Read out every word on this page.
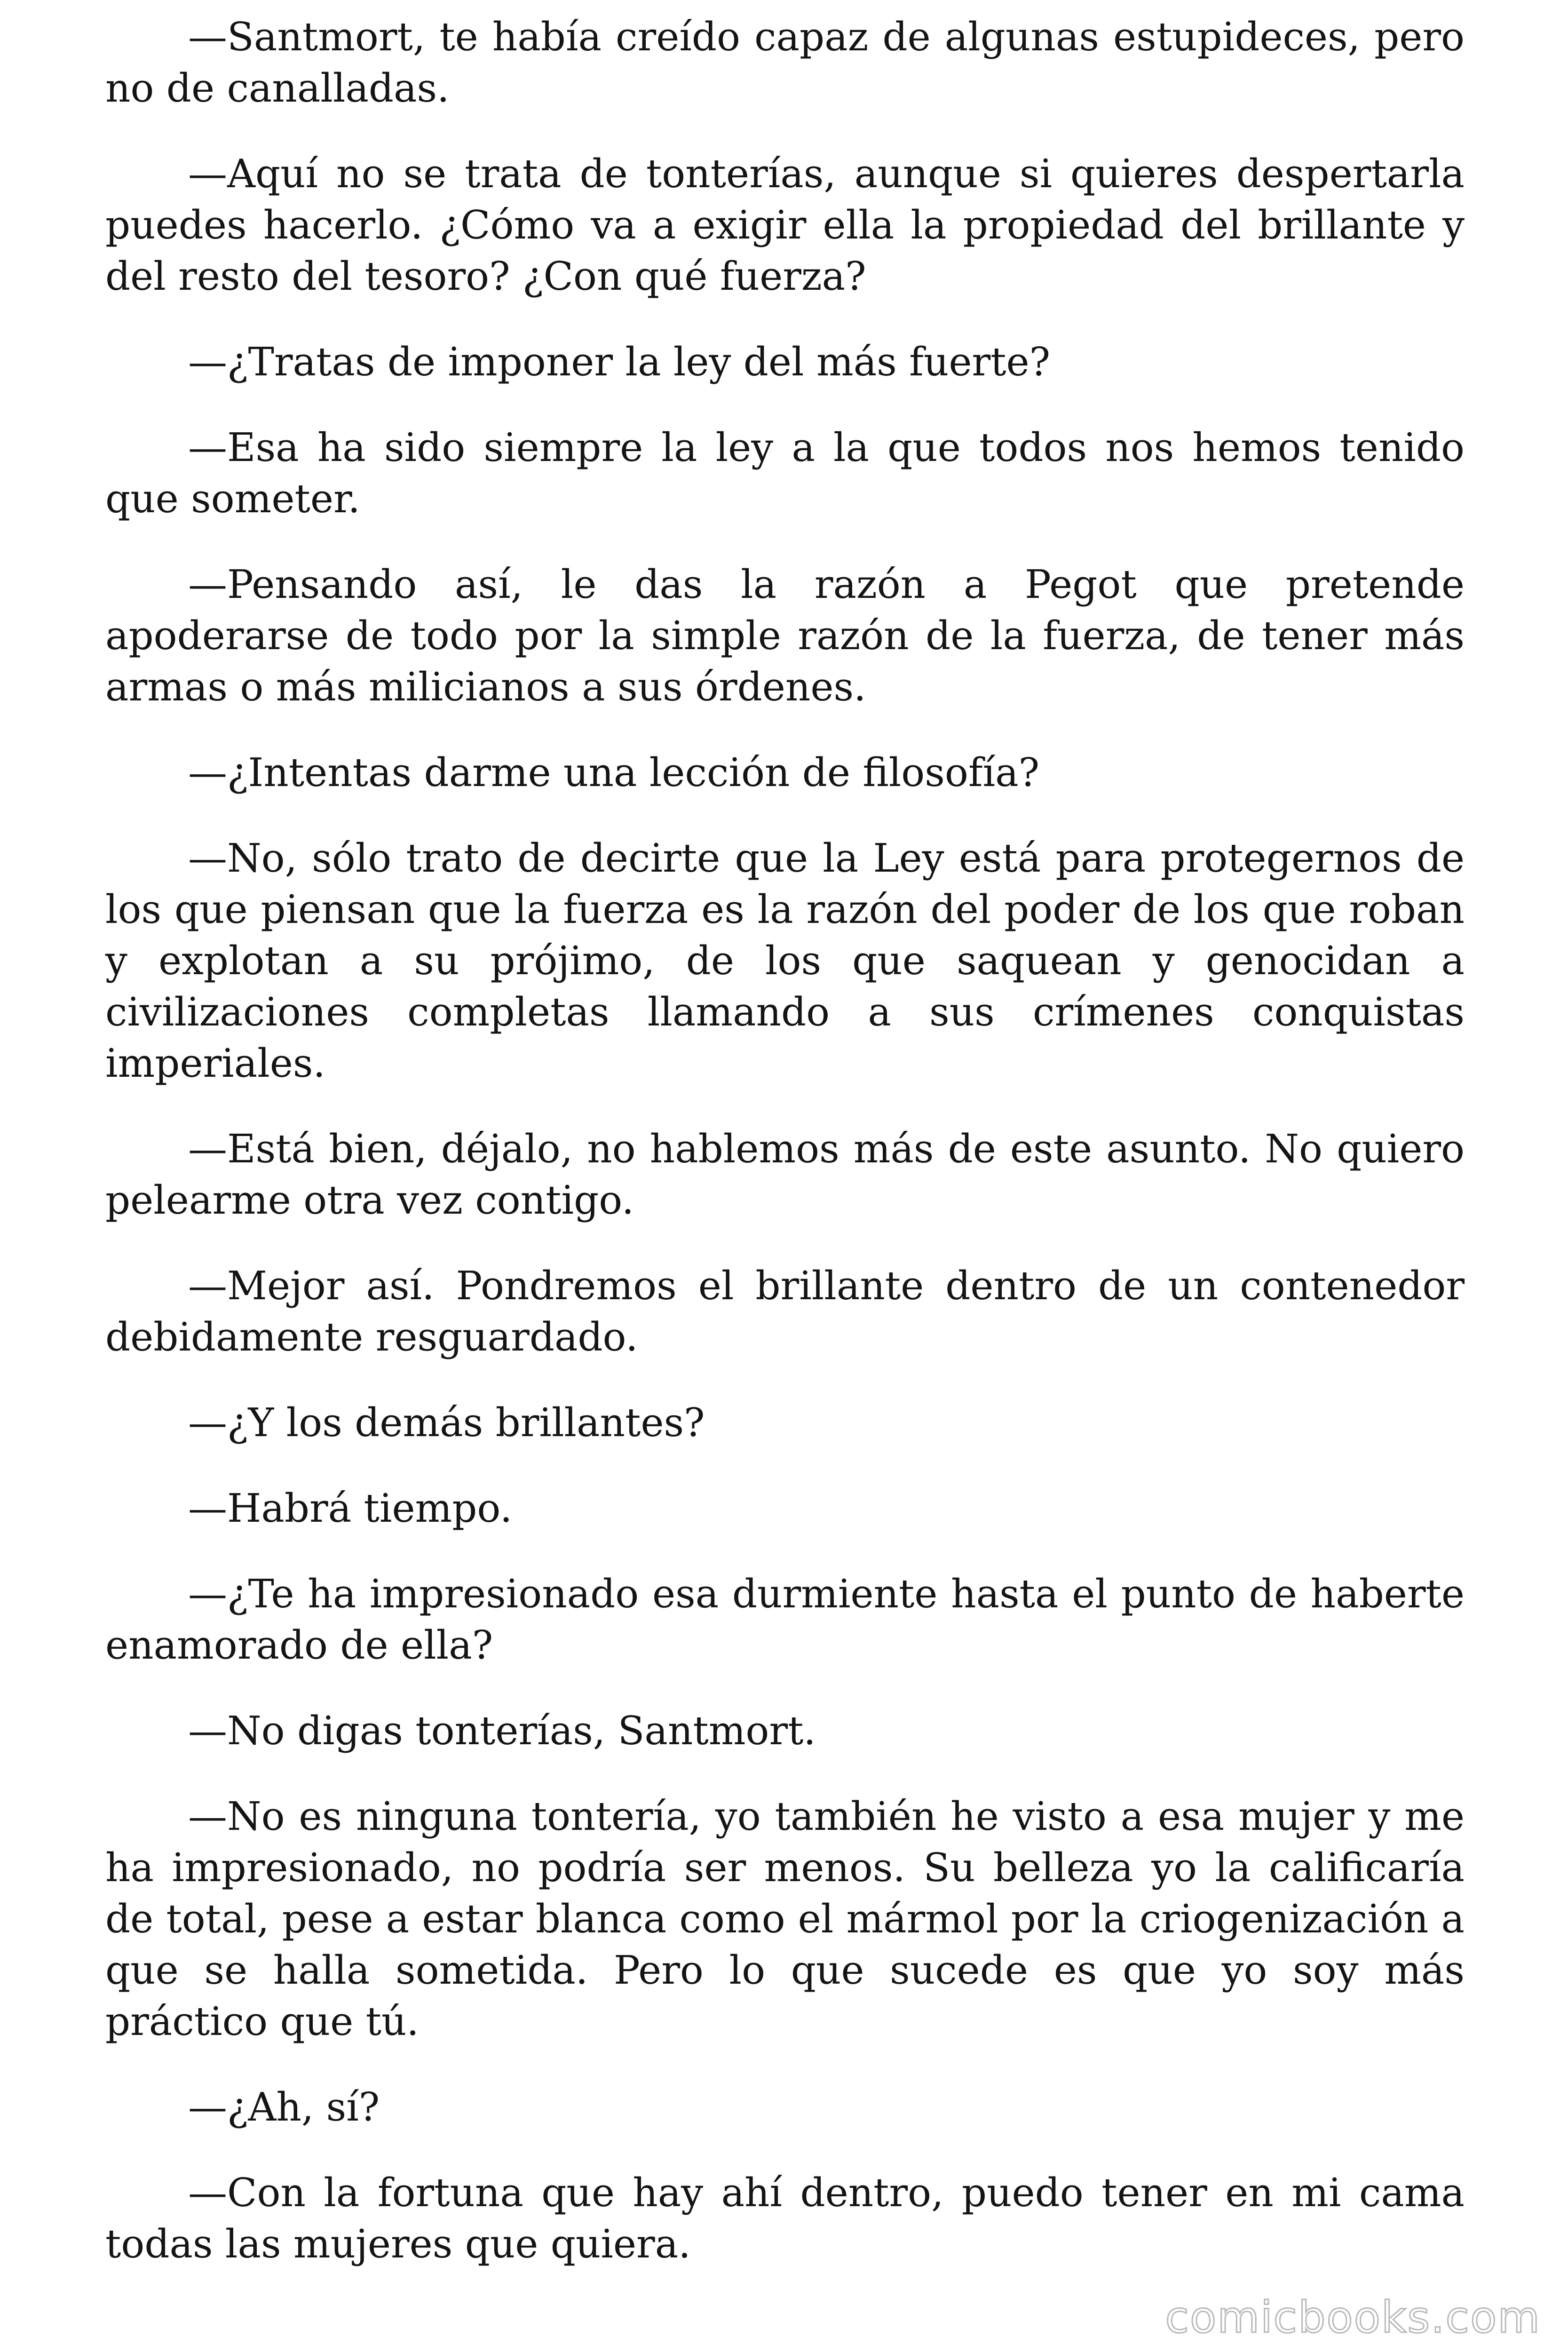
—Santmort, te había creído capaz de algunas estupideces, pero no de canalladas.

—Aquí no se trata de tonterías, aunque si quieres despertarla puedes hacerlo. ¿Cómo va a exigir ella la propiedad del brillante y del resto del tesoro? ¿Con qué fuerza?

—¿Tratas de imponer la ley del más fuerte?

—Esa ha sido siempre la ley a la que todos nos hemos tenido que someter.

—Pensando así, le das la razón a Pegot que pretende apoderarse de todo por la simple razón de la fuerza, de tener más armas o más milicianos a sus órdenes.

—¿Intentas darme una lección de filosofía?

—No, sólo trato de decirte que la Ley está para protegernos de los que piensan que la fuerza es la razón del poder de los que roban y explotan a su prójimo, de los que saquean y genocidan a civilizaciones completas llamando a sus crímenes conquistas imperiales.

—Está bien, déjalo, no hablemos más de este asunto. No quiero pelearme otra vez contigo.

—Mejor así. Pondremos el brillante dentro de un contenedor debidamente resguardado.

—¿Y los demás brillantes?

—Habrá tiempo.

—¿Te ha impresionado esa durmiente hasta el punto de haberte enamorado de ella?

—No digas tonterías, Santmort.

—No es ninguna tontería, yo también he visto a esa mujer y me ha impresionado, no podría ser menos. Su belleza yo la calificaría de total, pese a estar blanca como el mármol por la criogenización a que se halla sometida. Pero lo que sucede es que yo soy más práctico que tú.

—¿Ah, sí?

—Con la fortuna que hay ahí dentro, puedo tener en mi cama todas las mujeres que quiera.

comicbooks.com
